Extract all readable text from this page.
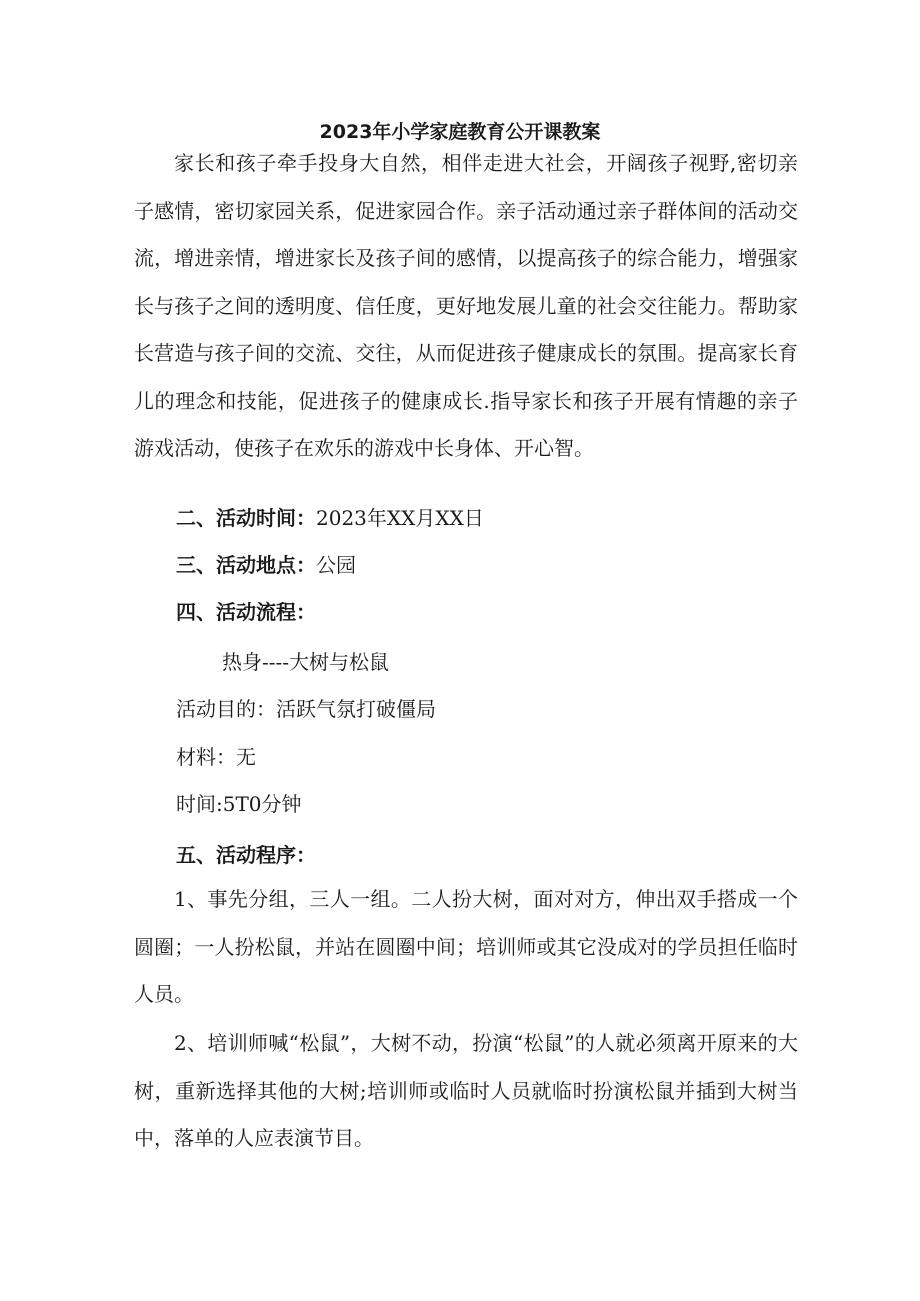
2023年小学家庭教育公开课教案
家长和孩子牵手投身大自然，相伴走进大社会，开阔孩子视野,密切亲子感情，密切家园关系，促进家园合作。亲子活动通过亲子群体间的活动交流，增进亲情，增进家长及孩子间的感情，以提高孩子的综合能力，增强家长与孩子之间的透明度、信任度，更好地发展儿童的社会交往能力。帮助家长营造与孩子间的交流、交往，从而促进孩子健康成长的氛围。提高家长育儿的理念和技能，促进孩子的健康成长.指导家长和孩子开展有情趣的亲子游戏活动，使孩子在欢乐的游戏中长身体、开心智。
二、活动时间：2023年XX月XX日
三、活动地点：公园
四、活动流程：
热身----大树与松鼠
活动目的：活跃气氛打破僵局
材料：无
时间:5T0分钟
五、活动程序：
1、事先分组，三人一组。二人扮大树，面对对方，伸出双手搭成一个圆圈；一人扮松鼠，并站在圆圈中间；培训师或其它没成对的学员担任临时人员。
2、培训师喊“松鼠”，大树不动，扮演“松鼠”的人就必须离开原来的大树，重新选择其他的大树;培训师或临时人员就临时扮演松鼠并插到大树当中，落单的人应表演节目。
